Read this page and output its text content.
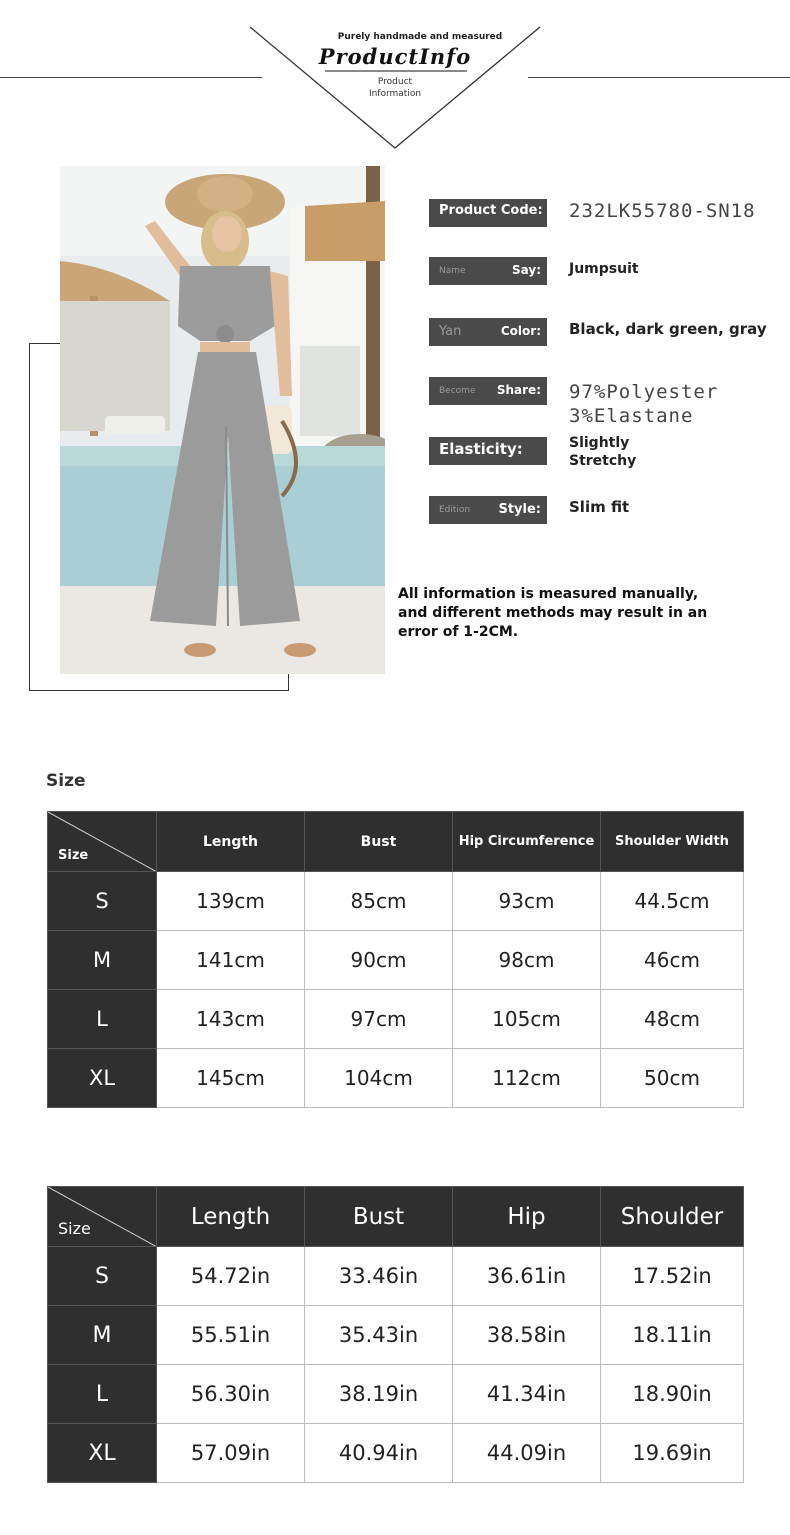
Purely handmade and measured
ProductInfo
Product
Information
Product Code: 232LK55780-SN18
Name	Say: Jumpsuit
Yan	Color: Black, dark green, gray
Become Share: 97%Polyester
3%Elastane
Elasticity:	Slightly
Stretchy
Edition Style: Slim fit
All information is measured manually,
and different methods may result in an
error of 1-2CM.
Size
Size	Length	Bust	Hip Circumference	Shoulder Width
S	139cm	85cm	93cm	44.5cm
M	141cm	90cm	98cm	46cm
L	143cm	97cm	105cm	48cm
XL	145cm	104cm	112cm	50cm
Size	Length	Bust	Hip	Shoulder
S	54.72in	33.46in	36.61in	17.52in
M	55.51in	35.43in	38.58in	18.11in
L	56.30in	38.19in	41.34in	18.90in
XL	57.09in	40.94in	44.09in	19.69in
